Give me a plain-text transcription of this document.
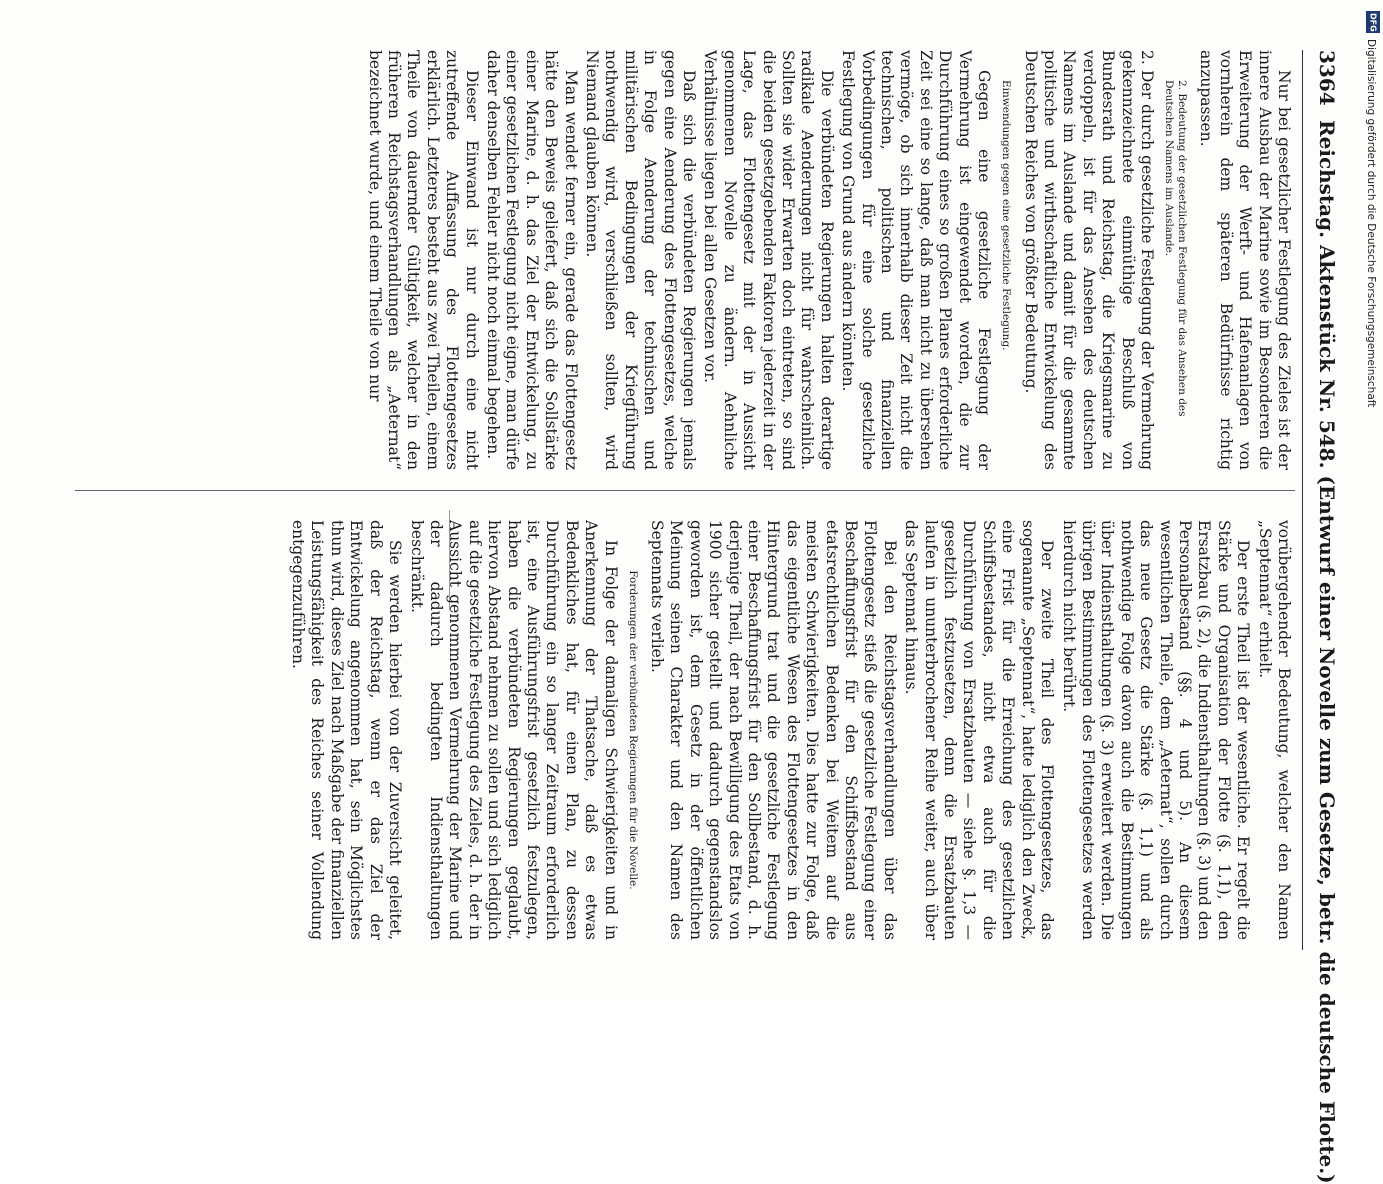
3364
Reichstag. Aktenstück Nr. 548. (Entwurf einer Novelle zum Gesetze, betr. die deutsche Flotte.)

Nur bei gesetzlicher Festlegung des Zieles ist der innere Ausbau der Marine sowie im Besonderen die Erweiterung der Werft- und Hafenanlagen von vornherein dem späteren Bedürfnisse richtig anzupassen.

2. Bedeutung der gesetzlichen Festlegung für das Ansehen des Deutschen Namens im Auslande.

2.Der durch gesetzliche Festlegung der Vermehrung gekennzeichnete einmüthige Beschluß von Bundesrath und Reichstag, die Kriegsmarine zu verdoppeln, ist für das Ansehen des deutschen Namens im Auslande und damit für die gesammte politische und wirthschaftliche Entwickelung des Deutschen Reiches von größter Bedeutung.

Einwendungen gegen eine gesetzliche Festlegung.

Gegen eine gesetzliche Festlegung der Vermehrung ist eingewendet worden, die zur Durchführung eines so großen Planes erforderliche Zeit sei eine so lange, daß man nicht zu übersehen vermöge, ob sich innerhalb dieser Zeit nicht die technischen, politischen und finanziellen Vorbedingungen für eine solche gesetzliche Festlegung von Grund aus ändern könnten.

Die verbündeten Regierungen halten derartige radikale Aenderungen nicht für wahrscheinlich. Sollten sie wider Erwarten doch eintreten, so sind die beiden gesetzgebenden Faktoren jederzeit in der Lage, das Flottengesetz mit der in Aussicht genommenen Novelle zu ändern. Aehnliche Verhältnisse liegen bei allen Gesetzen vor.

Daß sich die verbündeten Regierungen jemals gegen eine Aenderung des Flottengesetzes, welche in Folge Aenderung der technischen und militärischen Bedingungen der Kriegführung nothwendig wird, verschließen sollten, wird Niemand glauben können.

Man wendet ferner ein, gerade das Flottengesetz hätte den Beweis geliefert, daß sich die Sollstärke einer Marine, d. h. das Ziel der Entwickelung, zu einer gesetzlichen Festlegung nicht eigne, man dürfe daher denselben Fehler nicht noch einmal begehen.

Dieser Einwand ist nur durch eine nicht zutreffende Auffassung des Flottengesetzes erklärlich. Letzteres besteht aus zwei Theilen, einem Theile von dauernder Gültigkeit, welcher in den früheren Reichstagsverhandlungen als „Aeternat“ bezeichnet wurde, und einem Theile von nur

vorübergehender Bedeutung, welcher den Namen „Septennat“ erhielt.

Der erste Theil ist der wesentliche. Er regelt die Stärke und Organisation der Flotte (§. 1,1), den Ersatzbau (§. 2), die Indiensthaltungen (§. 3) und den Personalbestand (§§. 4 und 5). An diesem wesentlichen Theile, dem „Aeternat“, sollen durch das neue Gesetz die Stärke (§. 1,1) und als nothwendige Folge davon auch die Bestimmungen über Indiensthaltungen (§. 3) erweitert werden. Die übrigen Bestimmungen des Flottengesetzes werden hierdurch nicht berührt.

Der zweite Theil des Flottengesetzes, das sogenannte „Septennat“, hatte lediglich den Zweck, eine Frist für die Erreichung des gesetzlichen Schiffsbestandes, nicht etwa auch für die Durchführung von Ersatzbauten — siehe §. 1,3 — gesetzlich festzusetzen, denn die Ersatzbauten laufen in ununterbrochener Reihe weiter, auch über das Septennat hinaus.

Bei den Reichstagsverhandlungen über das Flottengesetz stieß die gesetzliche Festlegung einer Beschaffungsfrist für den Schiffsbestand aus etatsrechtlichen Bedenken bei Weitem auf die meisten Schwierigkeiten. Dies hatte zur Folge, daß das eigentliche Wesen des Flottengesetzes in den Hintergrund trat und die gesetzliche Festlegung einer Beschaffungsfrist für den Sollbestand, d. h. derjenige Theil, der nach Bewilligung des Etats von 1900 sicher gestellt und dadurch gegenstandslos geworden ist, dem Gesetz in der öffentlichen Meinung seinen Charakter und den Namen des Septennats verlieh.

Forderungen der verbündeten Regierungen für die Novelle.

In Folge der damaligen Schwierigkeiten und in Anerkennung der Thatsache, daß es etwas Bedenkliches hat, für einen Plan, zu dessen Durchführung ein so langer Zeitraum erforderlich ist, eine Ausführungsfrist gesetzlich festzulegen, haben die verbündeten Regierungen geglaubt, hiervon Abstand nehmen zu sollen und sich lediglich auf die gesetzliche Festlegung des Zieles, d. h. der in Aussicht genommenen Vermehrung der Marine und der dadurch bedingten Indiensthaltungen beschränkt.

Sie werden hierbei von der Zuversicht geleitet, daß der Reichstag, wenn er das Ziel der Entwickelung angenommen hat, sein Möglichstes thun wird, dieses Ziel nach Maßgabe der finanziellen Leistungsfähigkeit des Reiches seiner Vollendung entgegenzuführen.

DFG
Digitalisierung gefördert durch die Deutsche Forschungsgemeinschaft
